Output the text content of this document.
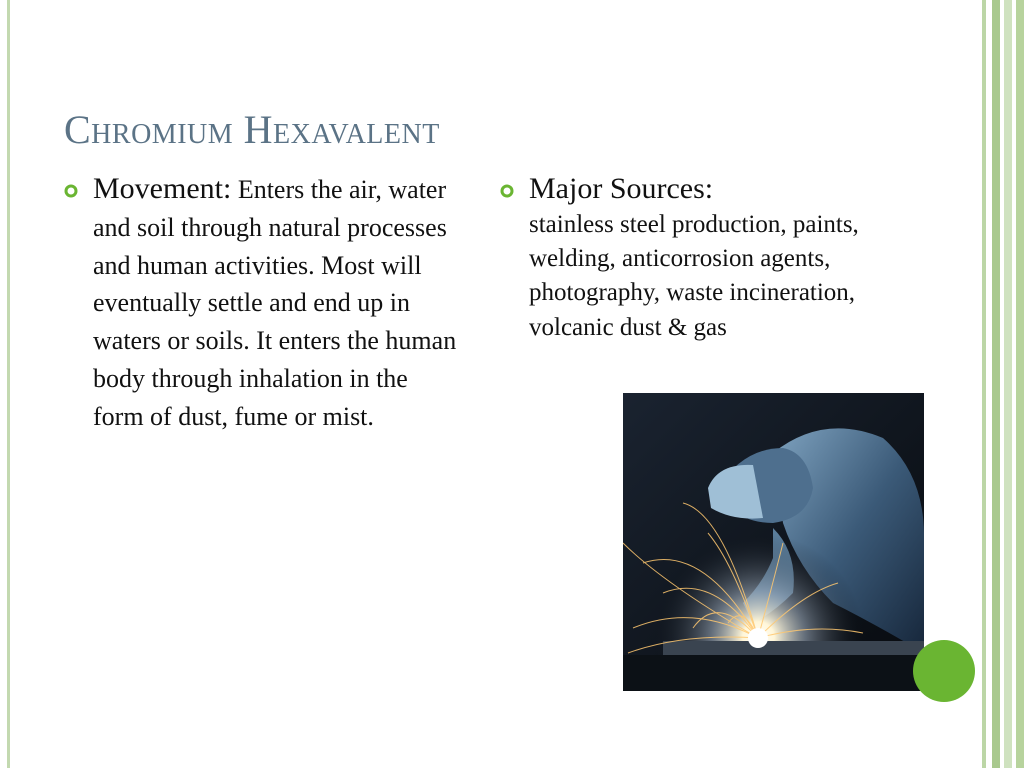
Chromium Hexavalent
Movement: Enters the air, water and soil through natural processes and human activities. Most will eventually settle and end up in waters or soils. It enters the human body through inhalation in the form of dust, fume or mist.
Major Sources:
stainless steel production, paints, welding, anticorrosion agents, photography, waste incineration, volcanic dust & gas
